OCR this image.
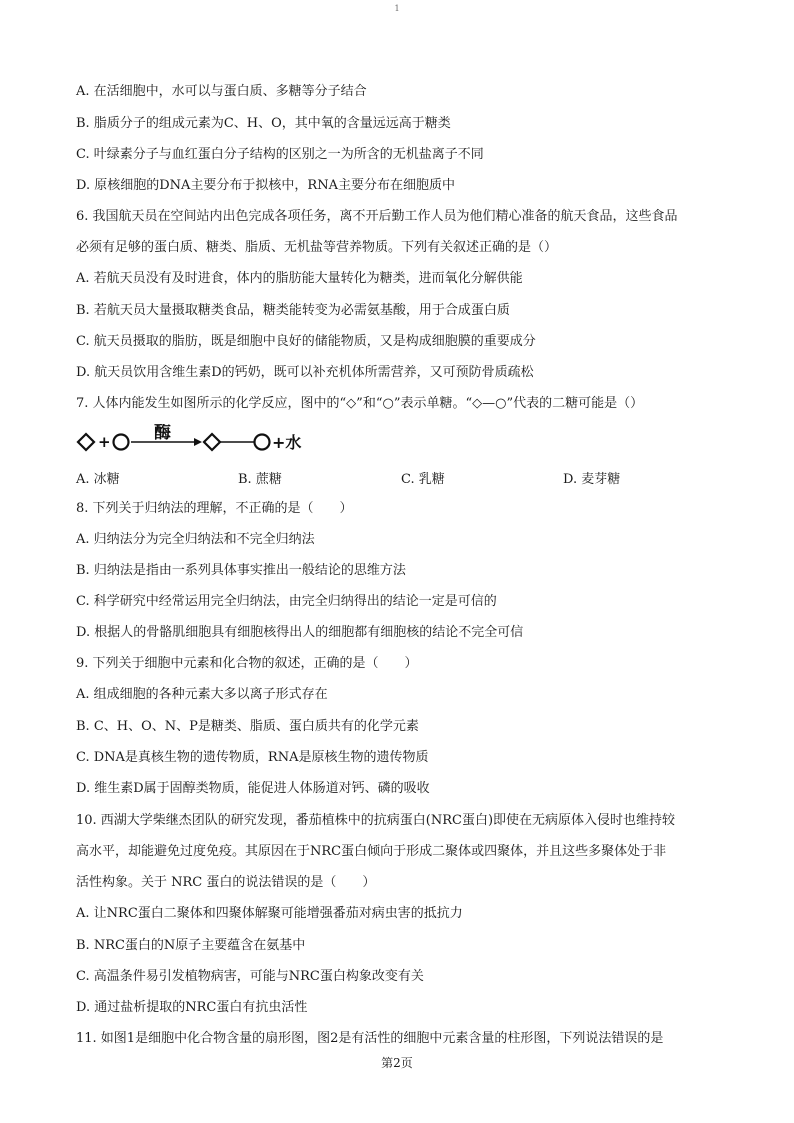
1
A. 在活细胞中，水可以与蛋白质、多糖等分子结合
B. 脂质分子的组成元素为C、H、O，其中氧的含量远远高于糖类
C. 叶绿素分子与血红蛋白分子结构的区别之一为所含的无机盐离子不同
D. 原核细胞的DNA主要分布于拟核中，RNA主要分布在细胞质中
6. 我国航天员在空间站内出色完成各项任务，离不开后勤工作人员为他们精心准备的航天食品，这些食品
必须有足够的蛋白质、糖类、脂质、无机盐等营养物质。下列有关叙述正确的是（）
A. 若航天员没有及时进食，体内的脂肪能大量转化为糖类，进而氧化分解供能
B. 若航天员大量摄取糖类食品，糖类能转变为必需氨基酸，用于合成蛋白质
C. 航天员摄取的脂肪，既是细胞中良好的储能物质，又是构成细胞膜的重要成分
D. 航天员饮用含维生素D的钙奶，既可以补充机体所需营养，又可预防骨质疏松
7. 人体内能发生如图所示的化学反应，图中的“◇”和“○”表示单糖。“◇—○”代表的二糖可能是（）
+	酶	+水
A. 冰糖	B. 蔗糖	C. 乳糖	D. 麦芽糖
8. 下列关于归纳法的理解，不正确的是（　　）
A. 归纳法分为完全归纳法和不完全归纳法
B. 归纳法是指由一系列具体事实推出一般结论的思维方法
C. 科学研究中经常运用完全归纳法，由完全归纳得出的结论一定是可信的
D. 根据人的骨骼肌细胞具有细胞核得出人的细胞都有细胞核的结论不完全可信
9. 下列关于细胞中元素和化合物的叙述，正确的是（　　）
A. 组成细胞的各种元素大多以离子形式存在
B. C、H、O、N、P是糖类、脂质、蛋白质共有的化学元素
C. DNA是真核生物的遗传物质，RNA是原核生物的遗传物质
D. 维生素D属于固醇类物质，能促进人体肠道对钙、磷的吸收
10. 西湖大学柴继杰团队的研究发现，番茄植株中的抗病蛋白(NRC蛋白)即使在无病原体入侵时也维持较
高水平，却能避免过度免疫。其原因在于NRC蛋白倾向于形成二聚体或四聚体，并且这些多聚体处于非
活性构象。关于 NRC 蛋白的说法错误的是（　　）
A. 让NRC蛋白二聚体和四聚体解聚可能增强番茄对病虫害的抵抗力
B. NRC蛋白的N原子主要蕴含在氨基中
C. 高温条件易引发植物病害，可能与NRC蛋白构象改变有关
D. 通过盐析提取的NRC蛋白有抗虫活性
11. 如图1是细胞中化合物含量的扇形图，图2是有活性的细胞中元素含量的柱形图，下列说法错误的是
第2页
